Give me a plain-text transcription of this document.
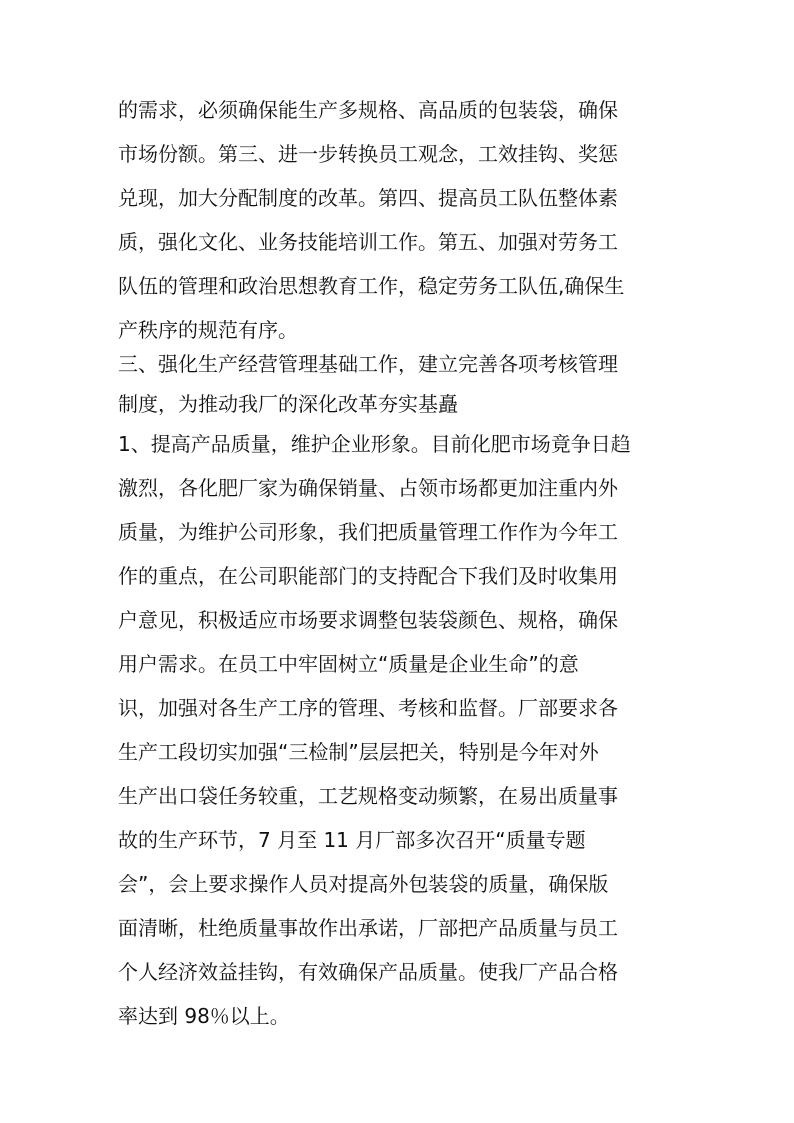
的需求，必须确保能生产多规格、高品质的包装袋，确保
市场份额。第三、进一步转换员工观念，工效挂钩、奖惩
兑现，加大分配制度的改革。第四、提高员工队伍整体素
质，强化文化、业务技能培训工作。第五、加强对劳务工
队伍的管理和政治思想教育工作，稳定劳务工队伍,确保生
产秩序的规范有序。
三、强化生产经营管理基础工作，建立完善各项考核管理
制度，为推动我厂的深化改革夯实基矗
1、提高产品质量，维护企业形象。目前化肥市场竟争日趋
激烈，各化肥厂家为确保销量、占领市场都更加注重内外
质量，为维护公司形象，我们把质量管理工作作为今年工
作的重点，在公司职能部门的支持配合下我们及时收集用
户意见，积极适应市场要求调整包装袋颜色、规格，确保
用户需求。在员工中牢固树立“质量是企业生命”的意
识，加强对各生产工序的管理、考核和监督。厂部要求各
生产工段切实加强“三检制”层层把关，特别是今年对外
生产出口袋任务较重，工艺规格变动频繁，在易出质量事
故的生产环节，7 月至 11 月厂部多次召开“质量专题
会”，会上要求操作人员对提高外包装袋的质量，确保版
面清晰，杜绝质量事故作出承诺，厂部把产品质量与员工
个人经济效益挂钩，有效确保产品质量。使我厂产品合格
率达到 98％以上。
